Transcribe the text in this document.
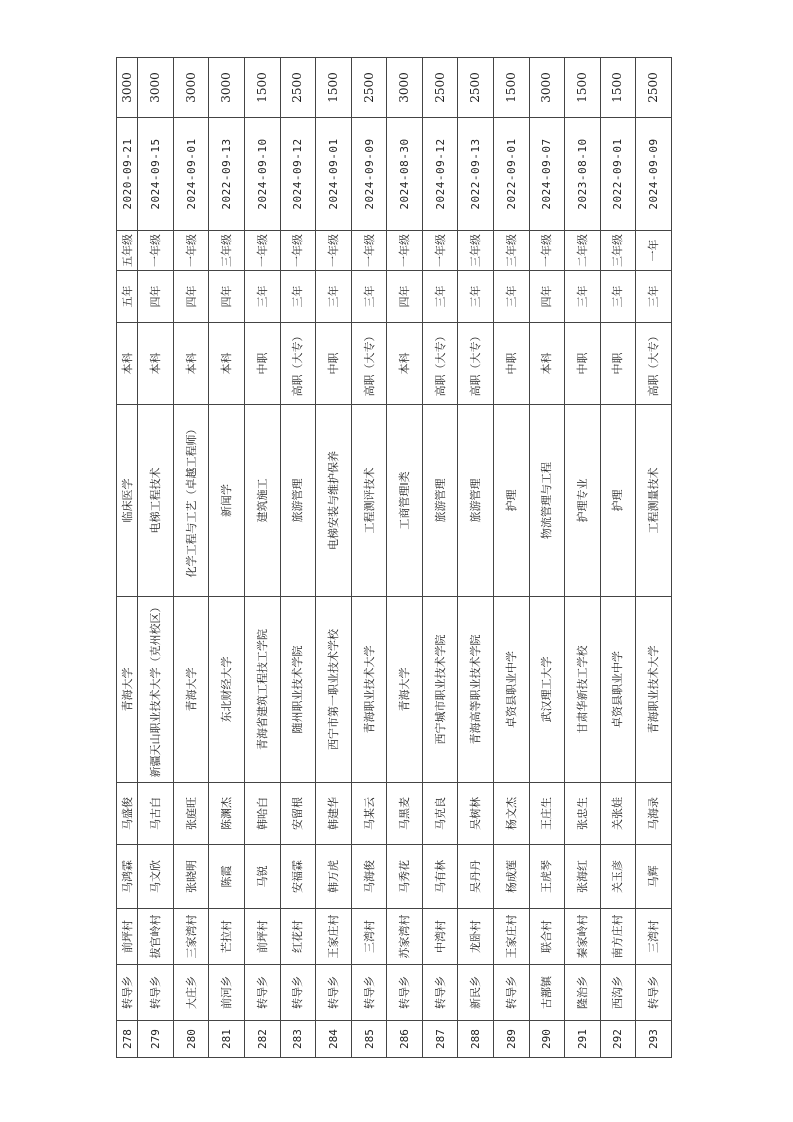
278	转导乡	前坪村	马鸿霖	马盛俊	青海大学	临床医学	本科	五年	五年级	2020-09-21	3000
279	转导乡	拔官岭村	马文欣	马古白	新疆天山职业技术大学（克州校区）	电梯工程技术	本科	四年	一年级	2024-09-15	3000
280	大庄乡	三家湾村	张晓明	张庭旺	青海大学	化学工程与工艺（卓越工程师）	本科	四年	一年级	2024-09-01	3000
281	前河乡	芒拉村	陈霞	陈渊杰	东北财经大学	新闻学	本科	四年	三年级	2022-09-13	3000
282	转导乡	前坪村	马锐	韩哈白	青海省建筑工程技工学院	建筑施工	中职	三年	一年级	2024-09-10	1500
283	转导乡	红花村	安福霖	安留根	随州职业技术学院	旅游管理	高职（大专）	三年	一年级	2024-09-12	2500
284	转导乡	王家庄村	韩万虎	韩建华	西宁市第一职业技术学校	电梯安装与维护保养	中职	三年	一年级	2024-09-01	1500
285	转导乡	三湾村	马海俊	马某云	青海职业技术大学	工程测评技术	高职（大专）	三年	一年级	2024-09-09	2500
286	转导乡	苏家湾村	马秀花	马黑麦	青海大学	工商管理Ⅰ类	本科	四年	一年级	2024-08-30	3000
287	转导乡	中湾村	马有林	马克良	西宁城市职业技术学院	旅游管理	高职（大专）	三年	一年级	2024-09-12	2500
288	新民乡	龙卧村	吴丹丹	吴树林	青海高等职业技术学院	旅游管理	高职（大专）	三年	三年级	2022-09-13	2500
289	转导乡	王家庄村	杨成莲	杨文杰	卓资县职业中学	护理	中职	三年	三年级	2022-09-01	1500
290	古鄯镇	联合村	王虎琴	王庄生	武汉理工大学	物流管理与工程	本科	四年	一年级	2024-09-07	3000
291	隆治乡	秦家岭村	张海红	张忠生	甘肃华新技工学校	护理专业	中职	三年	二年级	2023-08-10	1500
292	西沟乡	南方庄村	关玉彦	关张娃	卓资县职业中学	护理	中职	三年	三年级	2022-09-01	1500
293	转导乡	三湾村	马辉	马海录	青海职业技术大学	工程测量技术	高职（大专）	三年	一年	2024-09-09	2500
